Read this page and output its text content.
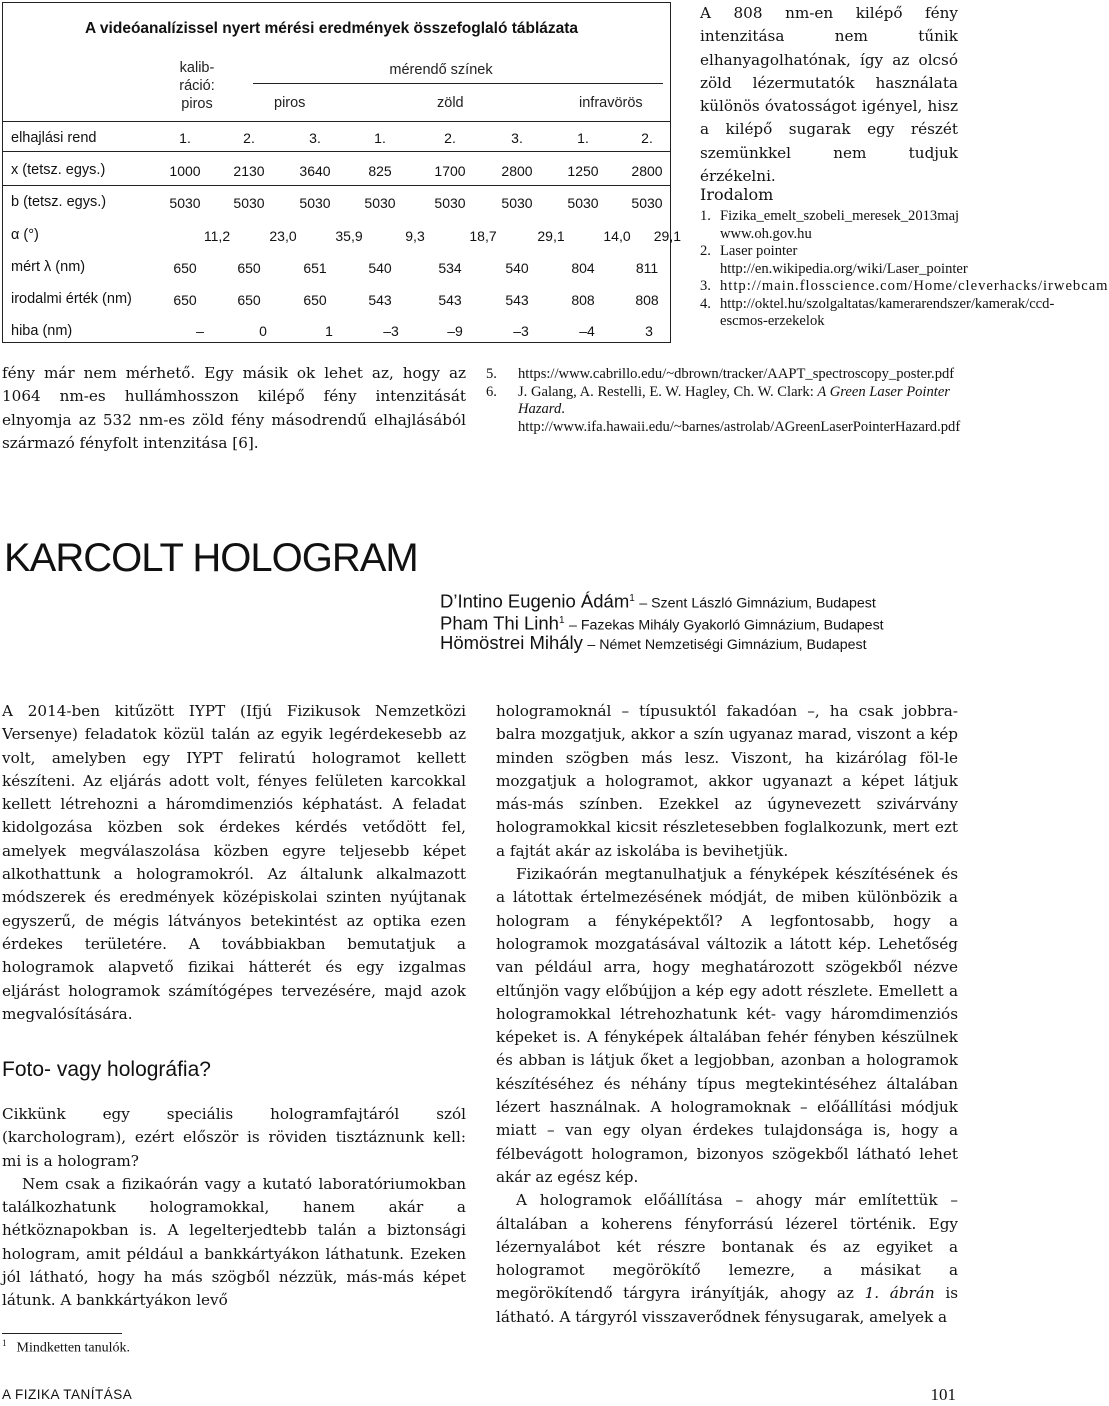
A videóanalízissel nyert mérési eredmények összefoglaló táblázata
kalib-
ráció:
piros
mérendő színek
piros	zöld	infravörös
elhajlási rend	1.	2.	3.	1.	2.	3.	1.	2.
x (tetsz. egys.)	1000	2130	3640	825	1700	2800	1250	2800
b (tetsz. egys.)	5030	5030	5030	5030	5030	5030	5030	5030
α (°)	11,2	23,0	35,9	9,3	18,7	29,1	14,0	29,1
mért λ (nm)	650	650	651	540	534	540	804	811
irodalmi érték (nm)	650	650	650	543	543	543	808	808
hiba (nm)	–	0	1	–3	–9	–3	–4	3
A 808 nm-en kilépő fény intenzitása nem tűnik elhanyagolhatónak, így az olcsó zöld lézermutatók használata különös óvatosságot igényel, hisz a kilépő sugarak egy részét szemünkkel nem tudjuk érzékelni.
Irodalom
1. Fizika_emelt_szobeli_meresek_2013maj www.oh.gov.hu
2. Laser pointer http://en.wikipedia.org/wiki/Laser_pointer
3. http://main.flosscience.com/Home/cleverhacks/irwebcam
4. http://oktel.hu/szolgaltatas/kamerarendszer/kamerak/ccd-escmos-erzekelok
5. https://www.cabrillo.edu/~dbrown/tracker/AAPT_spectroscopy_poster.pdf
6. J. Galang, A. Restelli, E. W. Hagley, Ch. W. Clark: A Green Laser Pointer Hazard. http://www.ifa.hawaii.edu/~barnes/astrolab/AGreenLaserPointerHazard.pdf
fény már nem mérhető. Egy másik ok lehet az, hogy az 1064 nm-es hullámhosszon kilépő fény intenzitását elnyomja az 532 nm-es zöld fény másodrendű elhajlásából származó fényfolt intenzitása [6].
KARCOLT HOLOGRAM
D’Intino Eugenio Ádám$^1$ – Szent László Gimnázium, Budapest
Pham Thi Linh$^1$ – Fazekas Mihály Gyakorló Gimnázium, Budapest
Hömöstrei Mihály – Német Nemzetiségi Gimnázium, Budapest

A 2014-ben kitűzött IYPT (Ifjú Fizikusok Nemzetközi Versenye) feladatok közül talán az egyik legérdekesebb az volt, amelyben egy IYPT feliratú hologramot kellett készíteni. Az eljárás adott volt, fényes felületen karcokkal kellett létrehozni a háromdimenziós képhatást. A feladat kidolgozása közben sok érdekes kérdés vetődött fel, amelyek megválaszolása közben egyre teljesebb képet alkothattunk a hologramokról. Az általunk alkalmazott módszerek és eredmények középiskolai szinten nyújtanak egyszerű, de mégis látványos betekintést az optika ezen érdekes területére. A továbbiakban bemutatjuk a hologramok alapvető fizikai hátterét és egy izgalmas eljárást hologramok számítógépes tervezésére, majd azok megvalósítására.

Foto- vagy holográfia?

Cikkünk egy speciális hologramfajtáról szól (karchologram), ezért először is röviden tisztáznunk kell: mi is a hologram?

Nem csak a fizikaórán vagy a kutató laboratóriumokban találkozhatunk hologramokkal, hanem akár a hétköznapokban is. A legelterjedtebb talán a biztonsági hologram, amit például a bankkártyákon láthatunk. Ezeken jól látható, hogy ha más szögből nézzük, más-más képet látunk. A bankkártyákon levő

hologramoknál – típusuktól fakadóan –, ha csak jobbra-balra mozgatjuk, akkor a szín ugyanaz marad, viszont a kép minden szögben más lesz. Viszont, ha kizárólag föl-le mozgatjuk a hologramot, akkor ugyanazt a képet látjuk más-más színben. Ezekkel az úgynevezett szivárvány hologramokkal kicsit részletesebben foglalkozunk, mert ezt a fajtát akár az iskolába is bevihetjük.

Fizikaórán megtanulhatjuk a fényképek készítésének és a látottak értelmezésének módját, de miben különbözik a hologram a fényképektől? A legfontosabb, hogy a hologramok mozgatásával változik a látott kép. Lehetőség van például arra, hogy meghatározott szögekből nézve eltűnjön vagy előbújjon a kép egy adott részlete. Emellett a hologramokkal létrehozhatunk két- vagy háromdimenziós képeket is. A fényképek általában fehér fényben készülnek és abban is látjuk őket a legjobban, azonban a hologramok készítéséhez és néhány típus megtekintéséhez általában lézert használnak. A hologramoknak – előállítási módjuk miatt – van egy olyan érdekes tulajdonsága is, hogy a félbevágott hologramon, bizonyos szögekből látható lehet akár az egész kép.

A hologramok előállítása – ahogy már említettük – általában a koherens fényforrású lézerel történik. Egy lézernyalábot két részre bontanak és az egyiket a hologramot megörökítő lemezre, a másikat a megörökítendő tárgyra irányítják, ahogy az 1. ábrán is látható. A tárgyról visszaverődnek fénysugarak, amelyek a

$^1$ Mindketten tanulók.
A FIZIKA TANÍTÁSA	101
